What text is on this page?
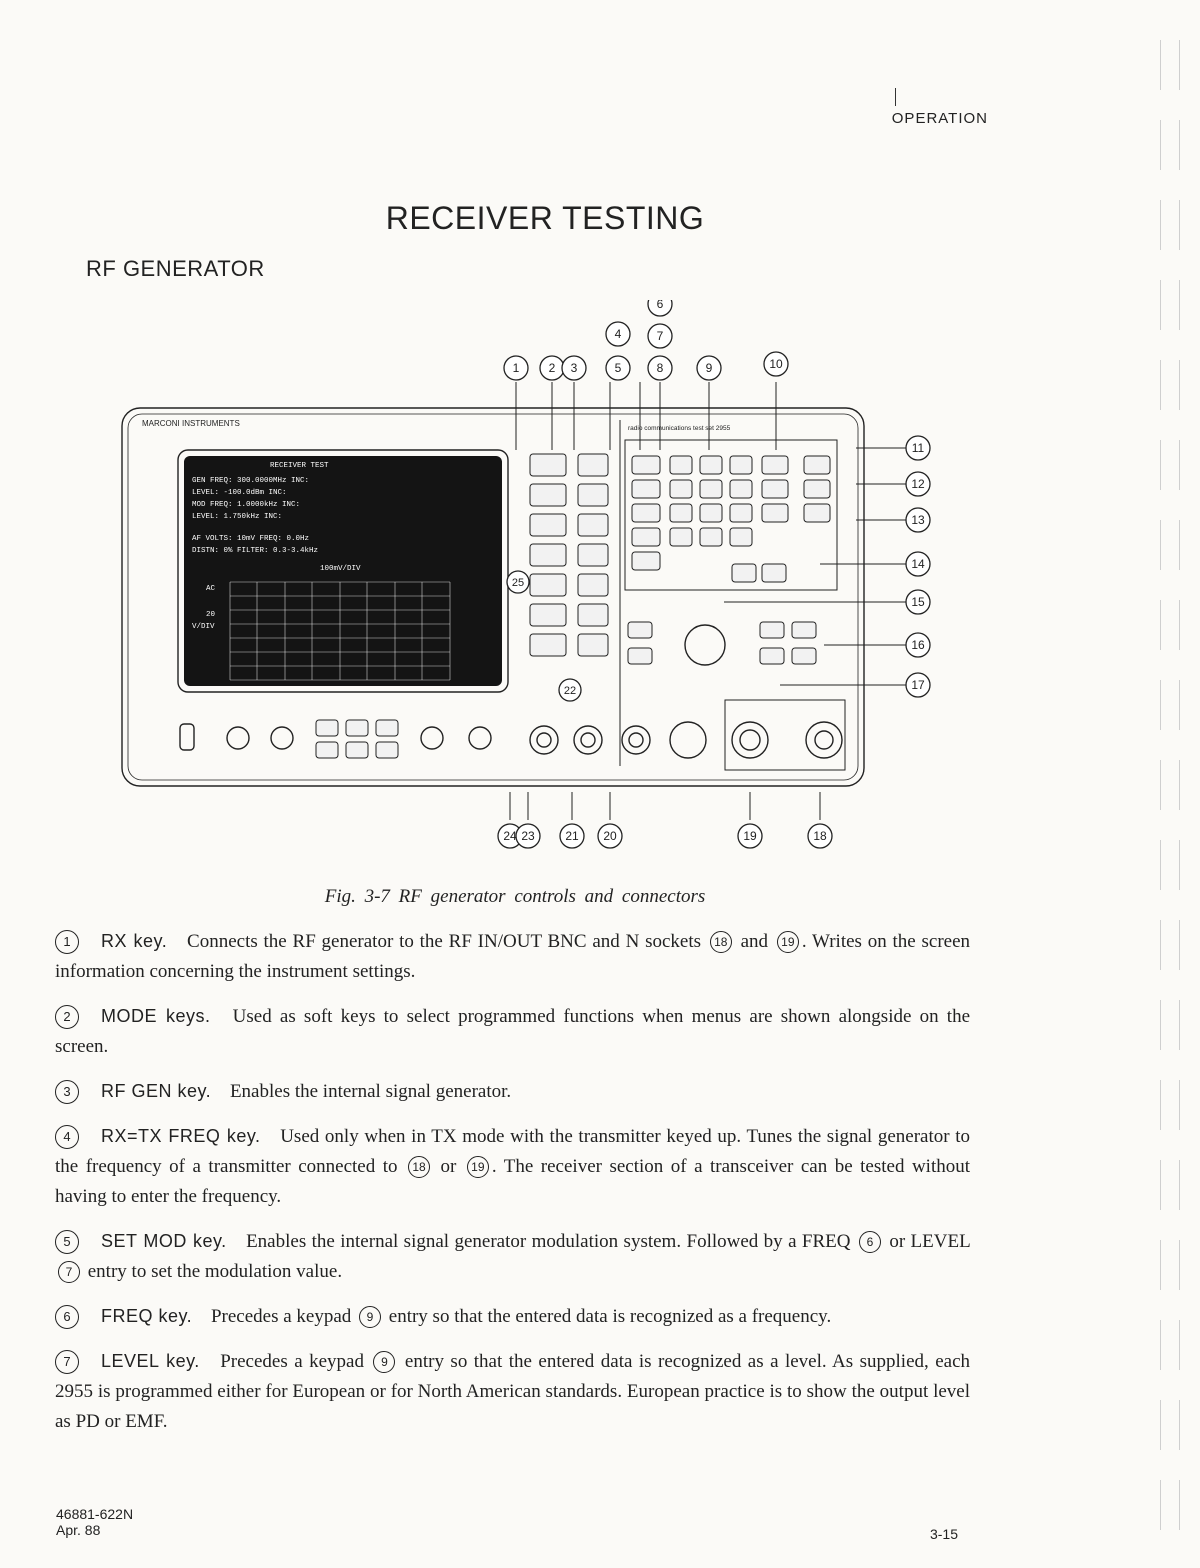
OPERATION
RECEIVER TESTING
RF GENERATOR
RECEIVER TEST
GEN FREQ: 300.0000MHz INC:
LEVEL: -100.0dBm INC:
MOD FREQ: 1.0000kHz INC:
LEVEL: 1.750kHz INC:
AF VOLTS: 10mV FREQ: 0.0Hz
DISTN: 0% FILTER: 0.3-3.4kHz
100mV/DIV
AC
20
V/DIV
MARCONI INSTRUMENTS
radio communications test set 2955
1 2 3
4
5
6
7
8	9	10
11
12
13
14
15
16
17
24 23	21 20	19	18
25
22
Fig. 3-7 RF generator controls and connectors
1 RX key. Connects the RF generator to the RF IN/OUT BNC and N sockets 18 and 19 . Writes on the screen information concerning the instrument settings.
2 MODE keys. Used as soft keys to select programmed functions when menus are shown alongside on the screen.
3 RF GEN key. Enables the internal signal generator.
4 RX=TX FREQ key. Used only when in TX mode with the transmitter keyed up. Tunes the signal generator to the frequency of a transmitter connected to 18 or 19 . The receiver section of a transceiver can be tested without having to enter the frequency.
5 SET MOD key. Enables the internal signal generator modulation system. Followed by a FREQ 6 or LEVEL 7 entry to set the modulation value.
6 FREQ key. Precedes a keypad 9 entry so that the entered data is recognized as a frequency.
7 LEVEL key. Precedes a keypad 9 entry so that the entered data is recognized as a level. As supplied, each 2955 is programmed either for European or for North American standards. European practice is to show the output level as PD or EMF.
46881-622N
Apr. 88	3-15
